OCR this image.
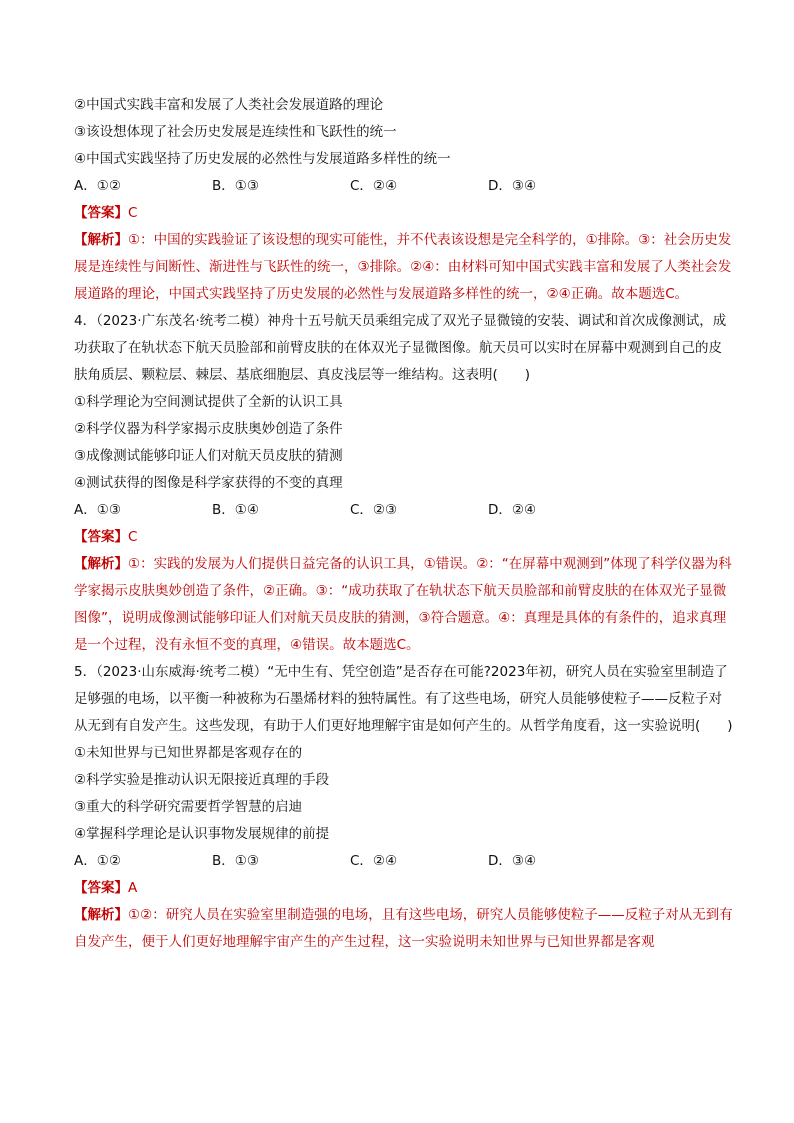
②中国式实践丰富和发展了人类社会发展道路的理论
③该设想体现了社会历史发展是连续性和飞跃性的统一
④中国式实践坚持了历史发展的必然性与发展道路多样性的统一
A．①②	B．①③	C．②④	D．③④
【答案】C
【解析】①：中国的实践验证了该设想的现实可能性，并不代表该设想是完全科学的，①排除。③：社会历史发展是连续性与间断性、渐进性与飞跃性的统一，③排除。②④：由材料可知中国式实践丰富和发展了人类社会发展道路的理论，中国式实践坚持了历史发展的必然性与发展道路多样性的统一，②④正确。故本题选C。
4．（2023·广东茂名·统考二模）神舟十五号航天员乘组完成了双光子显微镜的安装、调试和首次成像测试，成功获取了在轨状态下航天员脸部和前臂皮肤的在体双光子显微图像。航天员可以实时在屏幕中观测到自己的皮肤角质层、颗粒层、棘层、基底细胞层、真皮浅层等一维结构。这表明(　　)
①科学理论为空间测试提供了全新的认识工具
②科学仪器为科学家揭示皮肤奥妙创造了条件
③成像测试能够印证人们对航天员皮肤的猜测
④测试获得的图像是科学家获得的不变的真理
A．①③	B．①④	C．②③	D．②④
【答案】C
【解析】①：实践的发展为人们提供日益完备的认识工具，①错误。②：“在屏幕中观测到”体现了科学仪器为科学家揭示皮肤奥妙创造了条件，②正确。③：“成功获取了在轨状态下航天员脸部和前臂皮肤的在体双光子显微图像”，说明成像测试能够印证人们对航天员皮肤的猜测，③符合题意。④：真理是具体的有条件的，追求真理是一个过程，没有永恒不变的真理，④错误。故本题选C。
5．（2023·山东威海·统考二模）“无中生有、凭空创造”是否存在可能?2023年初，研究人员在实验室里制造了足够强的电场，以平衡一种被称为石墨烯材料的独特属性。有了这些电场，研究人员能够使粒子——反粒子对从无到有自发产生。这些发现，有助于人们更好地理解宇宙是如何产生的。从哲学角度看，这一实验说明(　　)
①未知世界与已知世界都是客观存在的
②科学实验是推动认识无限接近真理的手段
③重大的科学研究需要哲学智慧的启迪
④掌握科学理论是认识事物发展规律的前提
A．①②	B．①③	C．②④	D．③④
【答案】A
【解析】①②：研究人员在实验室里制造强的电场，且有这些电场，研究人员能够使粒子——反粒子对从无到有自发产生，便于人们更好地理解宇宙产生的产生过程，这一实验说明未知世界与已知世界都是客观
